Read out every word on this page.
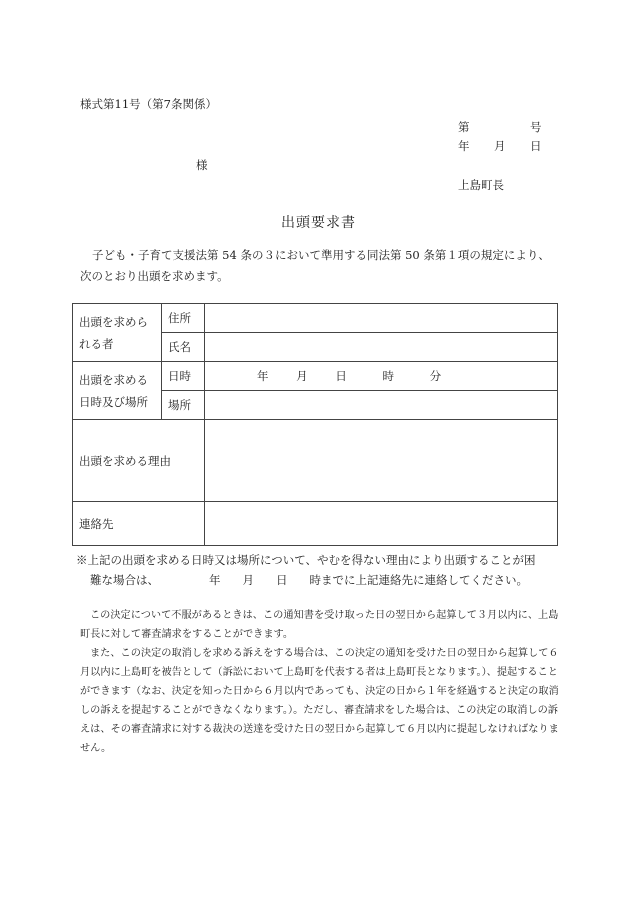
様式第11号（第7条関係）
第	号
年 月 日
様
上島町長
出頭要求書
子ども・子育て支援法第 54 条の３において準用する同法第 50 条第１項の規定により、
次のとおり出頭を求めます。
出頭を求めら
れる者	住所	
	氏名	

出頭を求める
日時及び場所	日時	年 月 日 時 分
	場所	
出頭を求める理由		
連絡先		
※上記の出頭を求める日時又は場所について、やむを得ない理由により出頭することが困
難な場合は、	年 月 日 時までに上記連絡先に連絡してください。
この決定について不服があるときは、この通知書を受け取った日の翌日から起算して３月以内に、上島
町長に対して審査請求をすることができます。
また、この決定の取消しを求める訴えをする場合は、この決定の通知を受けた日の翌日から起算して６
月以内に上島町を被告として（訴訟において上島町を代表する者は上島町長となります。）、提起すること
ができます（なお、決定を知った日から６月以内であっても、決定の日から１年を経過すると決定の取消
しの訴えを提起することができなくなります。）。ただし、審査請求をした場合は、この決定の取消しの訴
えは、その審査請求に対する裁決の送達を受けた日の翌日から起算して６月以内に提起しなければなりま
せん。
